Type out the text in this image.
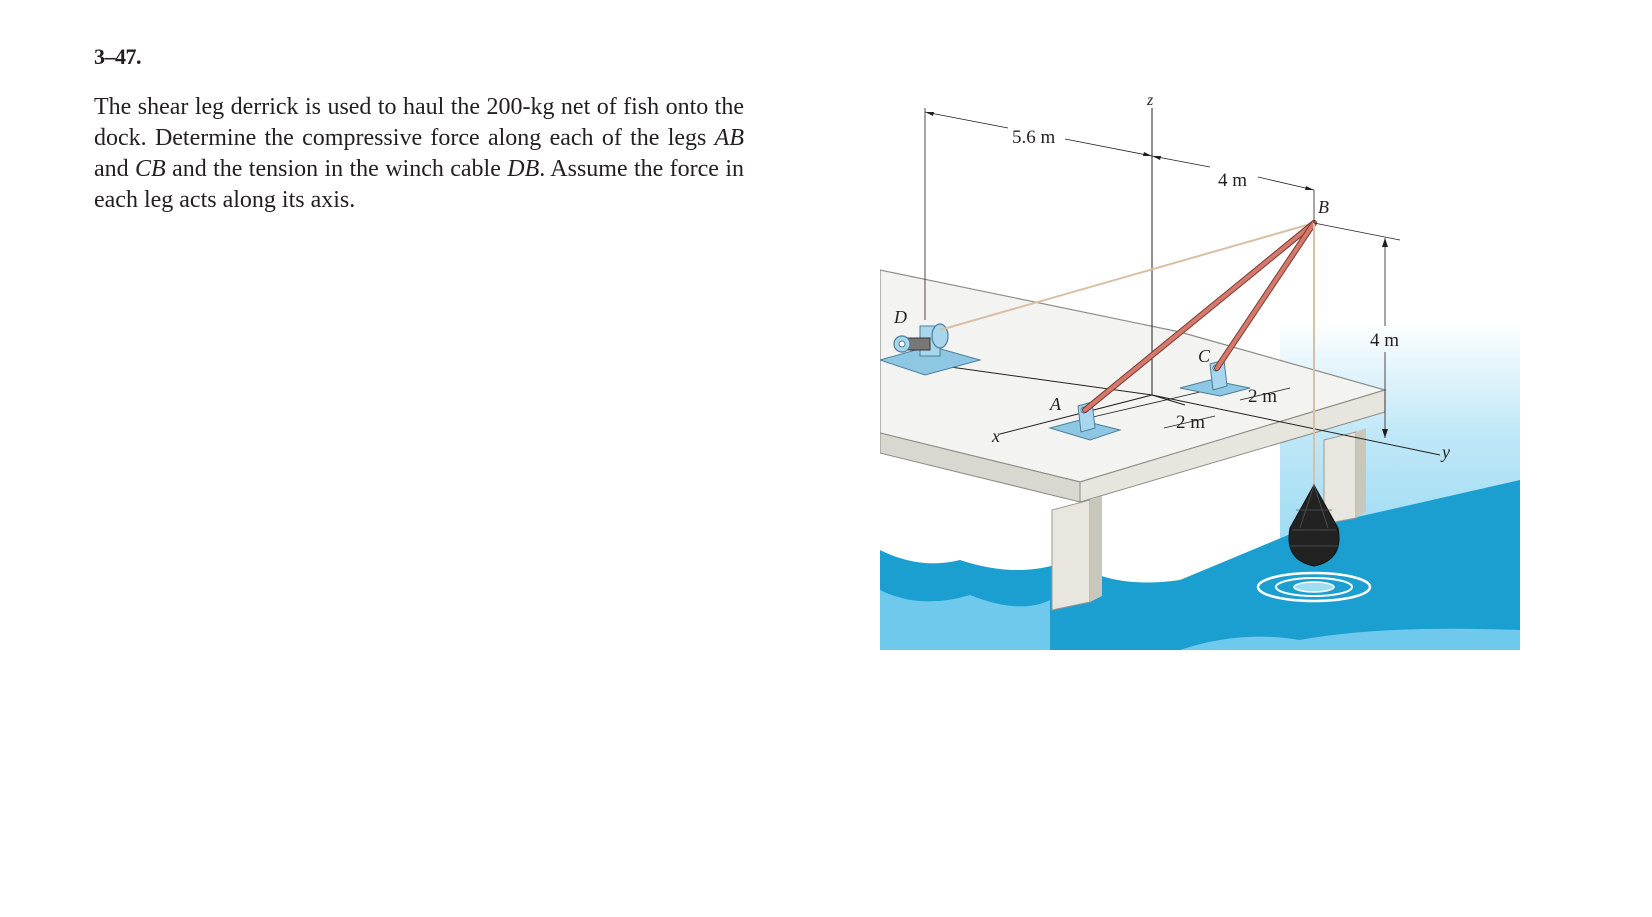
3–47.
The shear leg derrick is used to haul the 200-kg net of fish onto the dock. Determine the compressive force along each of the legs AB and CB and the tension in the winch cable DB. Assume the force in each leg acts along its axis.
z
x
y
A
B
C
D
5.6 m
4 m
4 m
2 m
2 m
